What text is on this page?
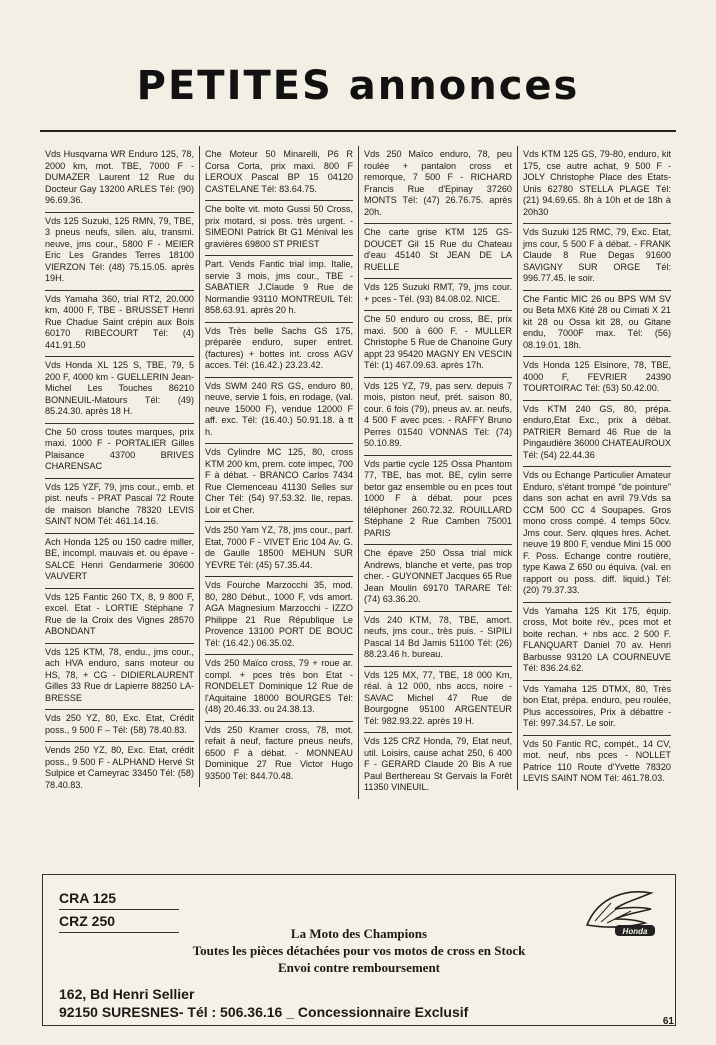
PETITES annonces

Vds Husqvarna WR Enduro 125, 78, 2000 km, mot. TBE, 7000 F - DUMAZER Laurent 12 Rue du Docteur Gay 13200 ARLES Tél: (90) 96.69.36.

Vds 125 Suzuki, 125 RMN, 79, TBE, 3 pneus neufs, silen. alu, transmi. neuve, jms cour., 5800 F - MEIER Eric Les Grandes Terres 18100 VIERZON Tél: (48) 75.15.05. après 19H.

Vds Yamaha 360, trial RT2, 20.000 km, 4000 F, TBE - BRUSSET Henri Rue Chadue Saint crépin aux Bois 60170 RIBECOURT Tél: (4) 441.91.50

Vds Honda XL 125 S, TBE, 79, 5 200 F, 4000 km - GUELLERIN Jean-Michel Les Touches 86210 BONNEUIL-Matours Tél: (49) 85.24.30. après 18 H.

Che 50 cross toutes marques, prix maxi. 1000 F - PORTALIER Gilles Plaisance 43700 BRIVES CHARENSAC

Vds 125 YZF, 79, jms cour., emb. et pist. neufs - PRAT Pascal 72 Route de maison blanche 78320 LEVIS SAINT NOM Tél: 461.14.16.

Ach Honda 125 ou 150 cadre miller, BE, incompl. mauvais et. ou épave - SALCE Henri Gendarmerie 30600 VAUVERT

Vds 125 Fantic 260 TX, 8, 9 800 F, excel. Etat - LORTIE Stéphane 7 Rue de la Croix des Vignes 28570 ABONDANT

Vds 125 KTM, 78, endu., jms cour., ach HVA enduro, sans moteur ou HS, 78, + CG - DIDIERLAURENT Gilles 33 Rue dr Lapierre 88250 LA-BRESSE

Vds 250 YZ, 80, Exc. Etat, Crédit poss., 9 500 F – Tél: (58) 78.40.83.

Vends 250 YZ, 80, Exc. Etat, crédit poss., 9 500 F - ALPHAND Hervé St Sulpice et Cameyrac 33450 Tél: (58) 78.40.83.

Che Moteur 50 Minarelli, P6 R Corsa Corta, prix maxi. 800 F LEROUX Pascal BP 15 04120 CASTELANE Tél: 83.64.75.

Che boîte vit. moto Gussi 50 Cross, prix motard, si poss. très urgent. - SIMEONI Patrick Bt G1 Ménival les gravières 69800 ST PRIEST

Part. Vends Fantic trial imp. Italie, servie 3 mois, jms cour., TBE - SABATIER J.Claude 9 Rue de Normandie 93110 MONTREUIL Tél: 858.63.91. après 20 h.

Vds Très belle Sachs GS 175, préparée enduro, super entret. (factures) + bottes int. cross AGV acces. Tél: (16.42.) 23.23.42.

Vds SWM 240 RS GS, enduro 80, neuve, servie 1 fois, en rodage, (val. neuve 15000 F), vendue 12000 F aff. exc. Tél: (16.40.) 50.91.18. à tt h.

Vds Cylindre MC 125, 80, cross KTM 200 km, prem. cote impec, 700 F à débat. - BRANCO Carlos 7434 Rue Clemenceau 41130 Selles sur Cher Tél: (54) 97.53.32. Ile, repas. Loir et Cher.

Vds 250 Yam YZ, 78, jms cour., parf. Etat, 7000 F - VIVET Eric 104 Av. G. de Gaulle 18500 MEHUN SUR YEVRE Tél: (45) 57.35.44.

Vds Fourche Marzocchi 35, mod. 80, 280 Début., 1000 F, vds amort. AGA Magnesium Marzocchi - IZZO Philippe 21 Rue République Le Provence 13100 PORT DE BOUC Tél: (16.42.) 06.35.02.

Vds 250 Maïco cross, 79 + roue ar. compl. + pces très bon Etat - RONDELET Dominique 12 Rue de l'Aquitaine 18000 BOURGES Tél: (48) 20.46.33. ou 24.38.13.

Vds 250 Kramer cross, 78, mot. refait à neuf, facture pneus neufs, 6500 F à débat. - MONNEAU Dominique 27 Rue Victor Hugo 93500 Tél: 844.70.48.

Vds 250 Maïco enduro, 78, peu roulée + pantalon cross et remorque, 7 500 F - RICHARD Francis Rue d'Epinay 37260 MONTS Tél: (47) 26.76.75. après 20h.

Che carte grise KTM 125 GS-DOUCET Gil 15 Rue du Chateau d'eau 45140 St JEAN DE LA RUELLE

Vds 125 Suzuki RMT, 79, jms cour. + pces - Tél. (93) 84.08.02. NICE.

Che 50 enduro ou cross, BE, prix maxi. 500 à 600 F. - MULLER Christophe 5 Rue de Chanoine Gury appt 23 95420 MAGNY EN VESCIN Tél: (1) 467.09.63. après 17h.

Vds 125 YZ, 79, pas serv. depuis 7 mois, piston neuf, prét. saison 80, cour. 6 fois (79), pneus av. ar. neufs, 4 500 F avec pces. - RAFFY Bruno Perres 01540 VONNAS Tél: (74) 50.10.89.

Vds partie cycle 125 Ossa Phantom 77, TBE, bas mot. BE, cylin serre betor gaz ensemble ou en pces tout 1000 F à débat. pour pces téléphoner 260.72.32. ROUILLARD Stéphane 2 Rue Camben 75001 PARIS

Che épave 250 Ossa trial mick Andrews, blanche et verte, pas trop cher. - GUYONNET Jacques 65 Rue Jean Moulin 69170 TARARE Tél: (74) 63.36.20.

Vds 240 KTM, 78, TBE, amort. neufs, jms cour., très puis. - SIPILI Pascal 14 Bd Jamis 51100 Tél: (26) 88.23.46 h. bureau.

Vds 125 MX, 77, TBE, 18 000 Km, réal. à 12 000, nbs accs, noire - SAVAC Michel 47 Rue de Bourgogne 95100 ARGENTEUR Tél: 982.93.22. après 19 H.

Vds 125 CRZ Honda, 79, Etat neuf, util. Loisirs, cause achat 250, 6 400 F - GERARD Claude 20 Bis A rue Paul Berthereau St Gervais la Forêt 11350 VINEUIL.

Vds KTM 125 GS, 79-80, enduro, kit 175, cse autre achat, 9 500 F - JOLY Christophe Place des Etats-Unis 62780 STELLA PLAGE Tél: (21) 94.69.65. 8h à 10h et de 18h à 20h30

Vds Suzuki 125 RMC, 79, Exc. Etat, jms cour, 5 500 F à débat. - FRANK Claude 8 Rue Degas 91600 SAVIGNY SUR ORGE Tél: 996.77.45. le soir.

Che Fantic MIC 26 ou BPS WM SV ou Beta MX6 Kité 28 ou Cimati X 21 kit 28 ou Ossa kit 28, ou Gitane endu, 7000F max. Tél: (56) 08.19.01. 18h.

Vds Honda 125 Elsinore, 78, TBE, 4000 F, FEVRIER 24390 TOURTOIRAC Tél: (53) 50.42.00.

Vds KTM 240 GS, 80, prépa. enduro,Etat Exc., prix à débat. PATRIER Bernard 46 Rue de la Pingaudière 36000 CHATEAUROUX Tél: (54) 22.44.36

Vds ou Echange Particulier Amateur Enduro, s'étant trompé "de pointure" dans son achat en avril 79.Vds sa CCM 500 CC 4 Soupapes. Gros mono cross compé. 4 temps 50cv. Jms cour. Serv. qlques hres. Achet. neuve 19 800 F, vendue Mini 15 000 F. Poss. Echange contre routière, type Kawa Z 650 ou équiva. (val. en rapport ou poss. diff. liquid.) Tél: (20) 79.37.33.

Vds Yamaha 125 Kit 175, équip. cross, Mot boite rév., pces mot et boite rechan. + nbs acc. 2 500 F. FLANQUART Daniel 70 av. Henri Barbusse 93120 LA COURNEUVE Tél: 836.24.62.

Vds Yamaha 125 DTMX, 80, Très bon Etat, prépa. enduro, peu roulée, Plus accessoires, Prix à débattre - Tél: 997.34.57. Le soir.

Vds 50 Fantic RC, compét., 14 CV, mot. neuf, nbs pces - NOLLET Patrice 110 Route d'Yvette 78320 LEVIS SAINT NOM Tél: 461.78.03.

CRA 125
CRZ 250
Honda
La Moto des Champions
Toutes les pièces détachées pour vos motos de cross en Stock
Envoi contre remboursement
162, Bd Henri Sellier
92150 SURESNES- Tél : 506.36.16 _ Concessionnaire Exclusif
61
